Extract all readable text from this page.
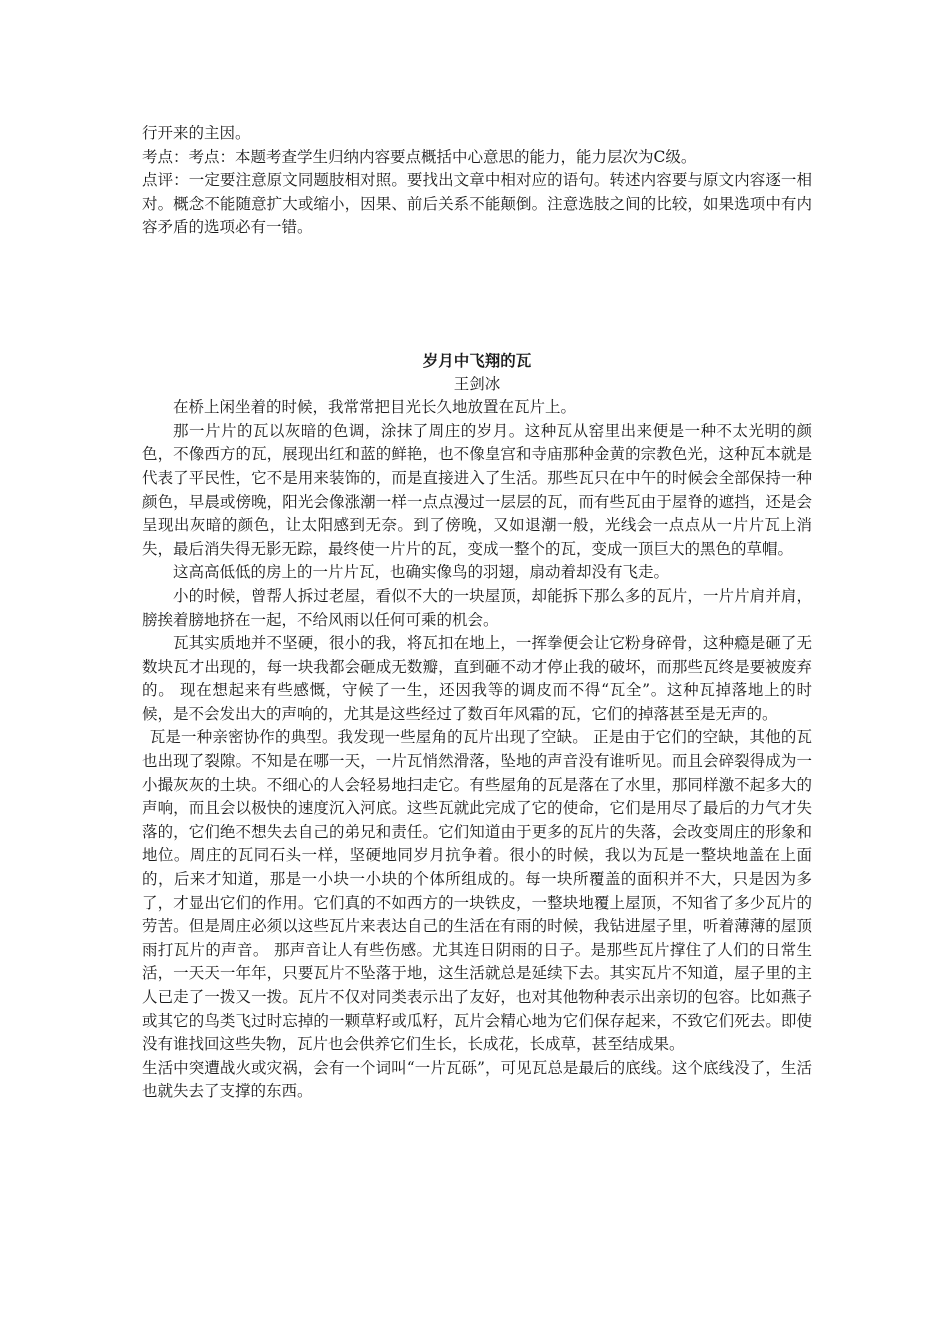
行开来的主因。

考点：考点：本题考查学生归纳内容要点概括中心意思的能力，能力层次为C级。

点评：一定要注意原文同题肢相对照。要找出文章中相对应的语句。转述内容要与原文内容逐一相对。概念不能随意扩大或缩小，因果、前后关系不能颠倒。注意选肢之间的比较，如果选项中有内容矛盾的选项必有一错。

岁月中飞翔的瓦
王剑冰

在桥上闲坐着的时候，我常常把目光长久地放置在瓦片上。

那一片片的瓦以灰暗的色调，涂抹了周庄的岁月。这种瓦从窑里出来便是一种不太光明的颜色，不像西方的瓦，展现出红和蓝的鲜艳，也不像皇宫和寺庙那种金黄的宗教色光，这种瓦本就是代表了平民性，它不是用来装饰的，而是直接进入了生活。那些瓦只在中午的时候会全部保持一种颜色，早晨或傍晚，阳光会像涨潮一样一点点漫过一层层的瓦，而有些瓦由于屋脊的遮挡，还是会呈现出灰暗的颜色，让太阳感到无奈。到了傍晚，又如退潮一般，光线会一点点从一片片瓦上消失，最后消失得无影无踪，最终使一片片的瓦，变成一整个的瓦，变成一顶巨大的黑色的草帽。

这高高低低的房上的一片片瓦，也确实像鸟的羽翅，扇动着却没有飞走。

小的时候，曾帮人拆过老屋，看似不大的一块屋顶，却能拆下那么多的瓦片，一片片肩并肩，膀挨着膀地挤在一起，不给风雨以任何可乘的机会。

瓦其实质地并不坚硬，很小的我，将瓦扣在地上，一挥拳便会让它粉身碎骨，这种瘾是砸了无数块瓦才出现的，每一块我都会砸成无数瓣，直到砸不动才停止我的破坏，而那些瓦终是要被废弃的。 现在想起来有些感慨，守候了一生，还因我等的调皮而不得“瓦全”。这种瓦掉落地上的时候，是不会发出大的声响的，尤其是这些经过了数百年风霜的瓦，它们的掉落甚至是无声的。

瓦是一种亲密协作的典型。我发现一些屋角的瓦片出现了空缺。 正是由于它们的空缺，其他的瓦也出现了裂隙。不知是在哪一天，一片瓦悄然滑落，坠地的声音没有谁听见。而且会碎裂得成为一小撮灰灰的土块。不细心的人会轻易地扫走它。有些屋角的瓦是落在了水里，那同样激不起多大的声响，而且会以极快的速度沉入河底。这些瓦就此完成了它的使命，它们是用尽了最后的力气才失落的，它们绝不想失去自己的弟兄和责任。它们知道由于更多的瓦片的失落，会改变周庄的形象和地位。周庄的瓦同石头一样，坚硬地同岁月抗争着。很小的时候，我以为瓦是一整块地盖在上面的，后来才知道，那是一小块一小块的个体所组成的。每一块所覆盖的面积并不大，只是因为多了，才显出它们的作用。它们真的不如西方的一块铁皮，一整块地覆上屋顶，不知省了多少瓦片的劳苦。但是周庄必须以这些瓦片来表达自己的生活在有雨的时候，我钻进屋子里，听着薄薄的屋顶雨打瓦片的声音。 那声音让人有些伤感。尤其连日阴雨的日子。是那些瓦片撑住了人们的日常生活，一天天一年年，只要瓦片不坠落于地，这生活就总是延续下去。其实瓦片不知道，屋子里的主人已走了一拨又一拨。瓦片不仅对同类表示出了友好，也对其他物种表示出亲切的包容。比如燕子或其它的鸟类飞过时忘掉的一颗草籽或瓜籽，瓦片会精心地为它们保存起来，不致它们死去。即使没有谁找回这些失物，瓦片也会供养它们生长，长成花，长成草，甚至结成果。

生活中突遭战火或灾祸，会有一个词叫“一片瓦砾”，可见瓦总是最后的底线。这个底线没了，生活也就失去了支撑的东西。
